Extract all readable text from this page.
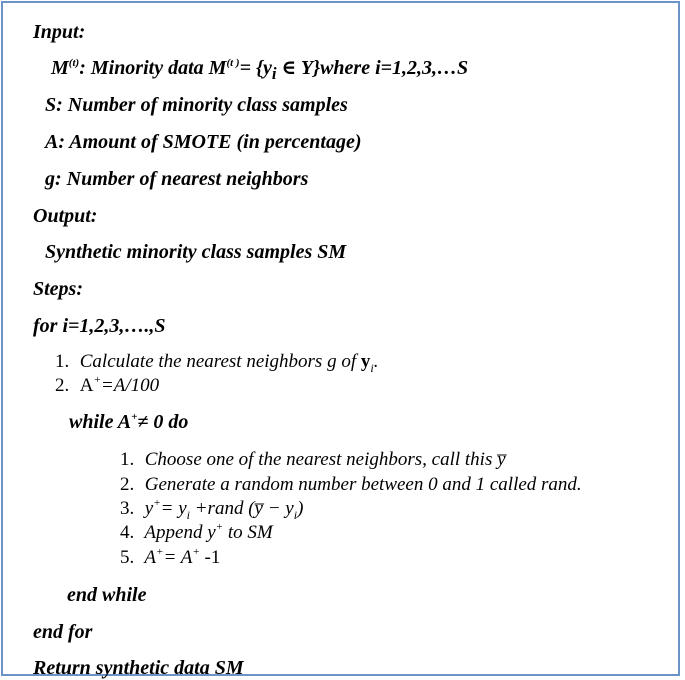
Input:
$M^{(t)}$: Minority data $M^{(t )}= \{y_i$ ∈ Y}where i=1,2,3,…S
S: Number of minority class samples
A: Amount of SMOTE (in percentage)
g: Number of nearest neighbors
Output:
Synthetic minority class samples SM
Steps:
for i=1,2,3,….,S
1. Calculate the nearest neighbors g of $y_i$.
2. A+=A/100
while A+≠ 0 do
1. Choose one of the nearest neighbors, call this y̅
2. Generate a random number between 0 and 1 called rand.
3. $y^+= y_i$ +rand (y̅ − $y_i$)
4. Append y+ to SM
5. A+= A+ -1
end while
end for
Return synthetic data SM
